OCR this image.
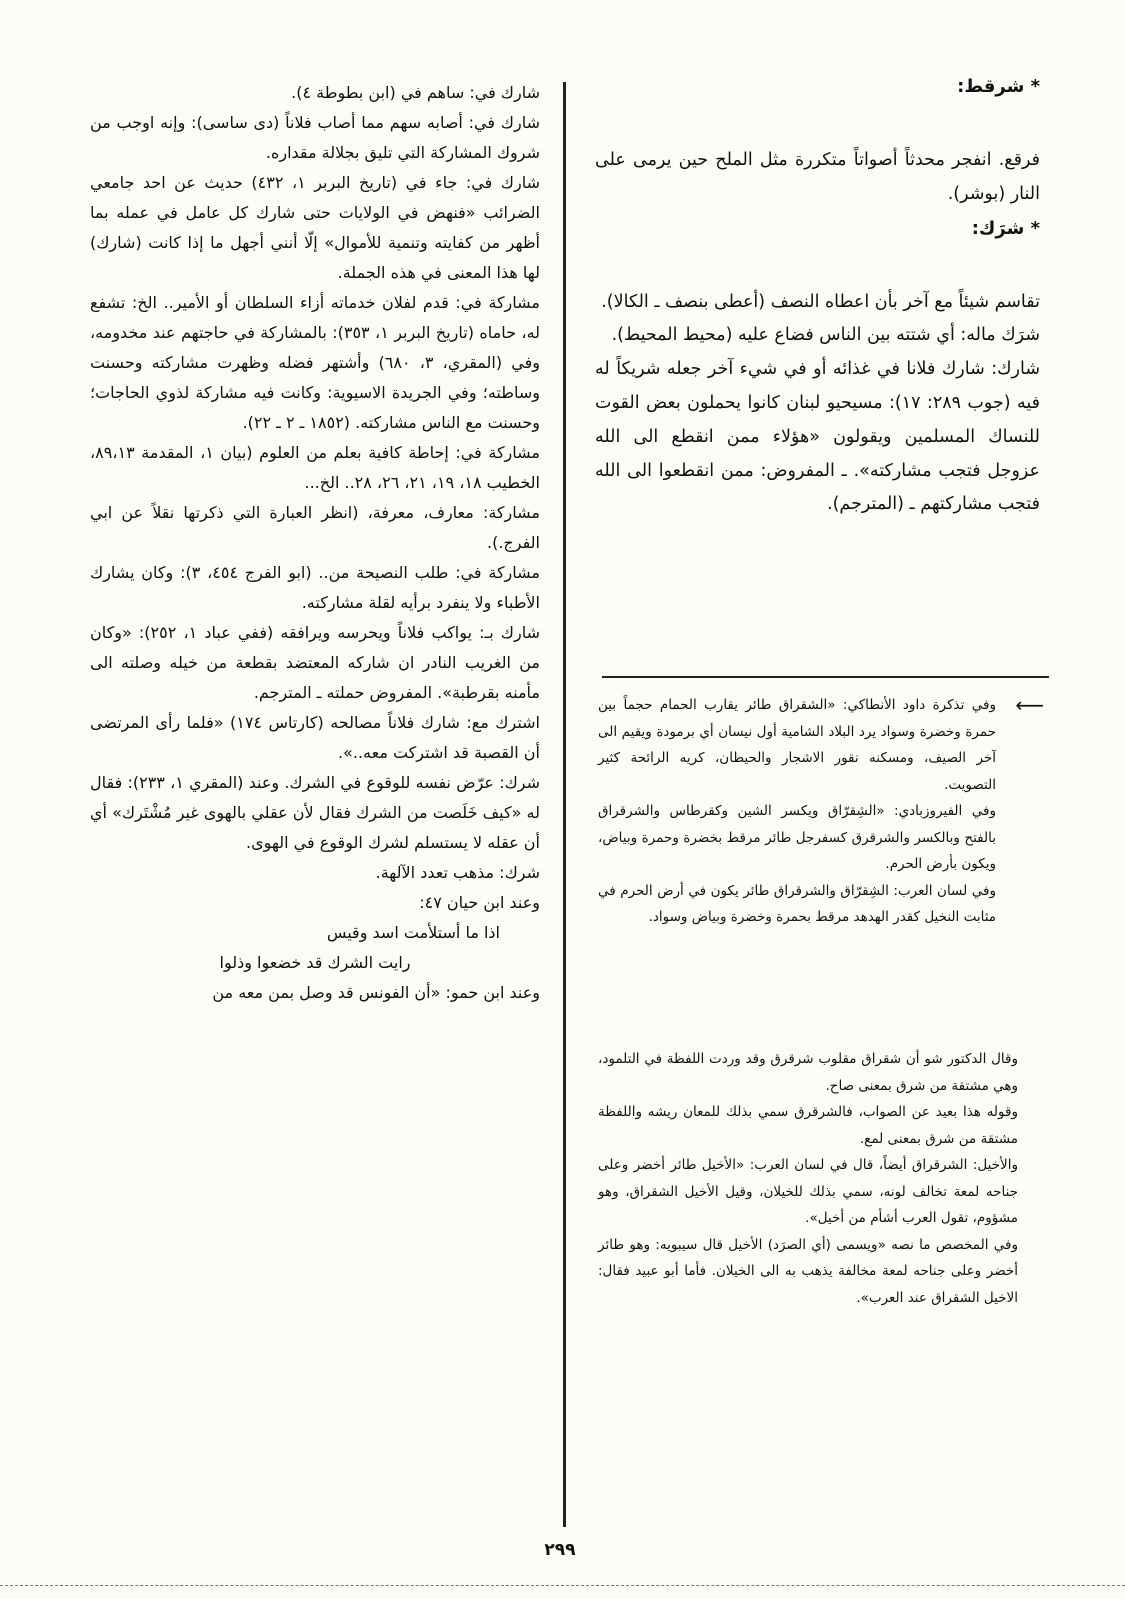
* شرقط:

فرقع. انفجر محدثاً أصواتاً متكررة مثل الملح حين يرمى على النار (بوشر).

* شرَك:

تقاسم شيئاً مع آخر بأن اعطاه النصف (أعطى بنصف ـ الكالا).

شرَك ماله: أي شتته بين الناس فضاع عليه (محيط المحيط).

شارك: شارك فلانا في غذائه أو في شيء آخر جعله شريكاً له فيه (جوب ٢٨٩: ١٧): مسيحيو لبنان كانوا يحملون بعض القوت للنساك المسلمين ويقولون «هؤلاء ممن انقطع الى الله عزوجل فتجب مشاركته». ـ المفروض: ممن انقطعوا الى الله فتجب مشاركتهم ـ (المترجم).

⟵

وفي تذكرة داود الأنطاكي: «الشقراق طائر يقارب الحمام حجماً بين حمرة وخضرة وسواد يرد البلاد الشامية أول نيسان أي برمودة ويقيم الى آخر الصيف، ومسكنه نقور الاشجار والحيطان، كريه الرائحة كثير التصويت.

وفي الفيروزبادي: «الشِقرّاق ويكسر الشين وكقرطاس والشرقراق بالفتح وبالكسر والشرقرق كسفرجل طائر مرقط بخضرة وحمرة وبياض، ويكون بأرض الحرم.

وفي لسان العرب: الشِقرّاق والشرقراق طائر يكون في أرض الحرم في مثابت النخيل كقدر الهدهد مرقط بحمرة وخضرة وبياض وسواد.

وقال الدكتور شو أن شقراق مقلوب شرقرق وقد وردت اللفظة في التلمود، وهي مشتقة من شرق بمعنى صاح.

وقوله هذا بعيد عن الصواب، فالشرقرق سمي بذلك للمعان ريشه واللفظة مشتقة من شرق بمعنى لمع.

والأخيل: الشرقراق أيضاً، قال في لسان العرب: «الأخيل طائر أخضر وعلى جناحه لمعة تخالف لونه، سمي بذلك للخيلان، وقيل الأخيل الشقراق، وهو مشؤوم، تقول العرب أشأم من أخيل».

وفي المخصص ما نصه «ويسمى (أي الصرَد) الأخيل قال سيبويه: وهو طائر أخضر وعلى جناحه لمعة مخالفة يذهب به الى الخيلان. فأما أبو عبيد فقال: الاخيل الشقراق عند العرب».

شارك في: ساهم في (ابن بطوطة ٤).

شارك في: أصابه سهم مما أصاب فلاناً (دى ساسى): وإنه اوجب من شروك المشاركة التي تليق بجلالة مقداره.

شارك في: جاء في (تاريخ البربر ١، ٤٣٢) حديث عن احد جامعي الضرائب «فنهض في الولايات حتى شارك كل عامل في عمله بما أظهر من كفايته وتنمية للأموال» إلّا أنني أجهل ما إذا كانت (شارك) لها هذا المعنى في هذه الجملة.

مشاركة في: قدم لفلان خدماته أزاء السلطان أو الأمير.. الخ: تشفع له، حاماه (تاريخ البربر ١، ٣٥٣): بالمشاركة في حاجتهم عند مخدومه، وفي (المقري، ٣، ٦٨٠) وأشتهر فضله وظهرت مشاركته وحسنت وساطته؛ وفي الجريدة الاسيوية: وكانت فيه مشاركة لذوي الحاجات؛ وحسنت مع الناس مشاركته. (١٨٥٢ ـ ٢ ـ ٢٢).

مشاركة في: إحاطة كافية بعلم من العلوم (بيان ١، المقدمة ٨٩،١٣، الخطيب ١٨، ١٩، ٢١، ٢٦، ٢٨.. الخ...

مشاركة: معارف، معرفة، (انظر العبارة التي ذكرتها نقلاً عن ابي الفرج.).

مشاركة في: طلب النصيحة من.. (ابو الفرج ٤٥٤، ٣): وكان يشارك الأطباء ولا ينفرد برأيه لقلة مشاركته.

شارك بـ: يواكب فلاناً ويحرسه ويرافقه (ففي عباد ١، ٢٥٢): «وكان من الغريب النادر ان شاركه المعتضد بقطعة من خيله وصلته الى مأمنه بقرطبة». المفروض حملته ـ المترجم.

اشترك مع: شارك فلاناً مصالحه (كارتاس ١٧٤) «فلما رأى المرتضى أن القصبة قد اشتركت معه..».

شرك: عرّض نفسه للوقوع في الشرك. وعند (المقري ١، ٢٣٣): فقال له «كيف خَلَصت من الشرك فقال لأن عقلي بالهوى غير مُشْتَرك» أي أن عقله لا يستسلم لشرك الوقوع في الهوى.

شرك: مذهب تعدد الآلهة.

وعند ابن حيان ٤٧:

اذا ما أستلأمت اسد وقيس

رايت الشرك قد خضعوا وذلوا

وعند ابن حمو: «أن الفونس قد وصل بمن معه من

٢٩٩
